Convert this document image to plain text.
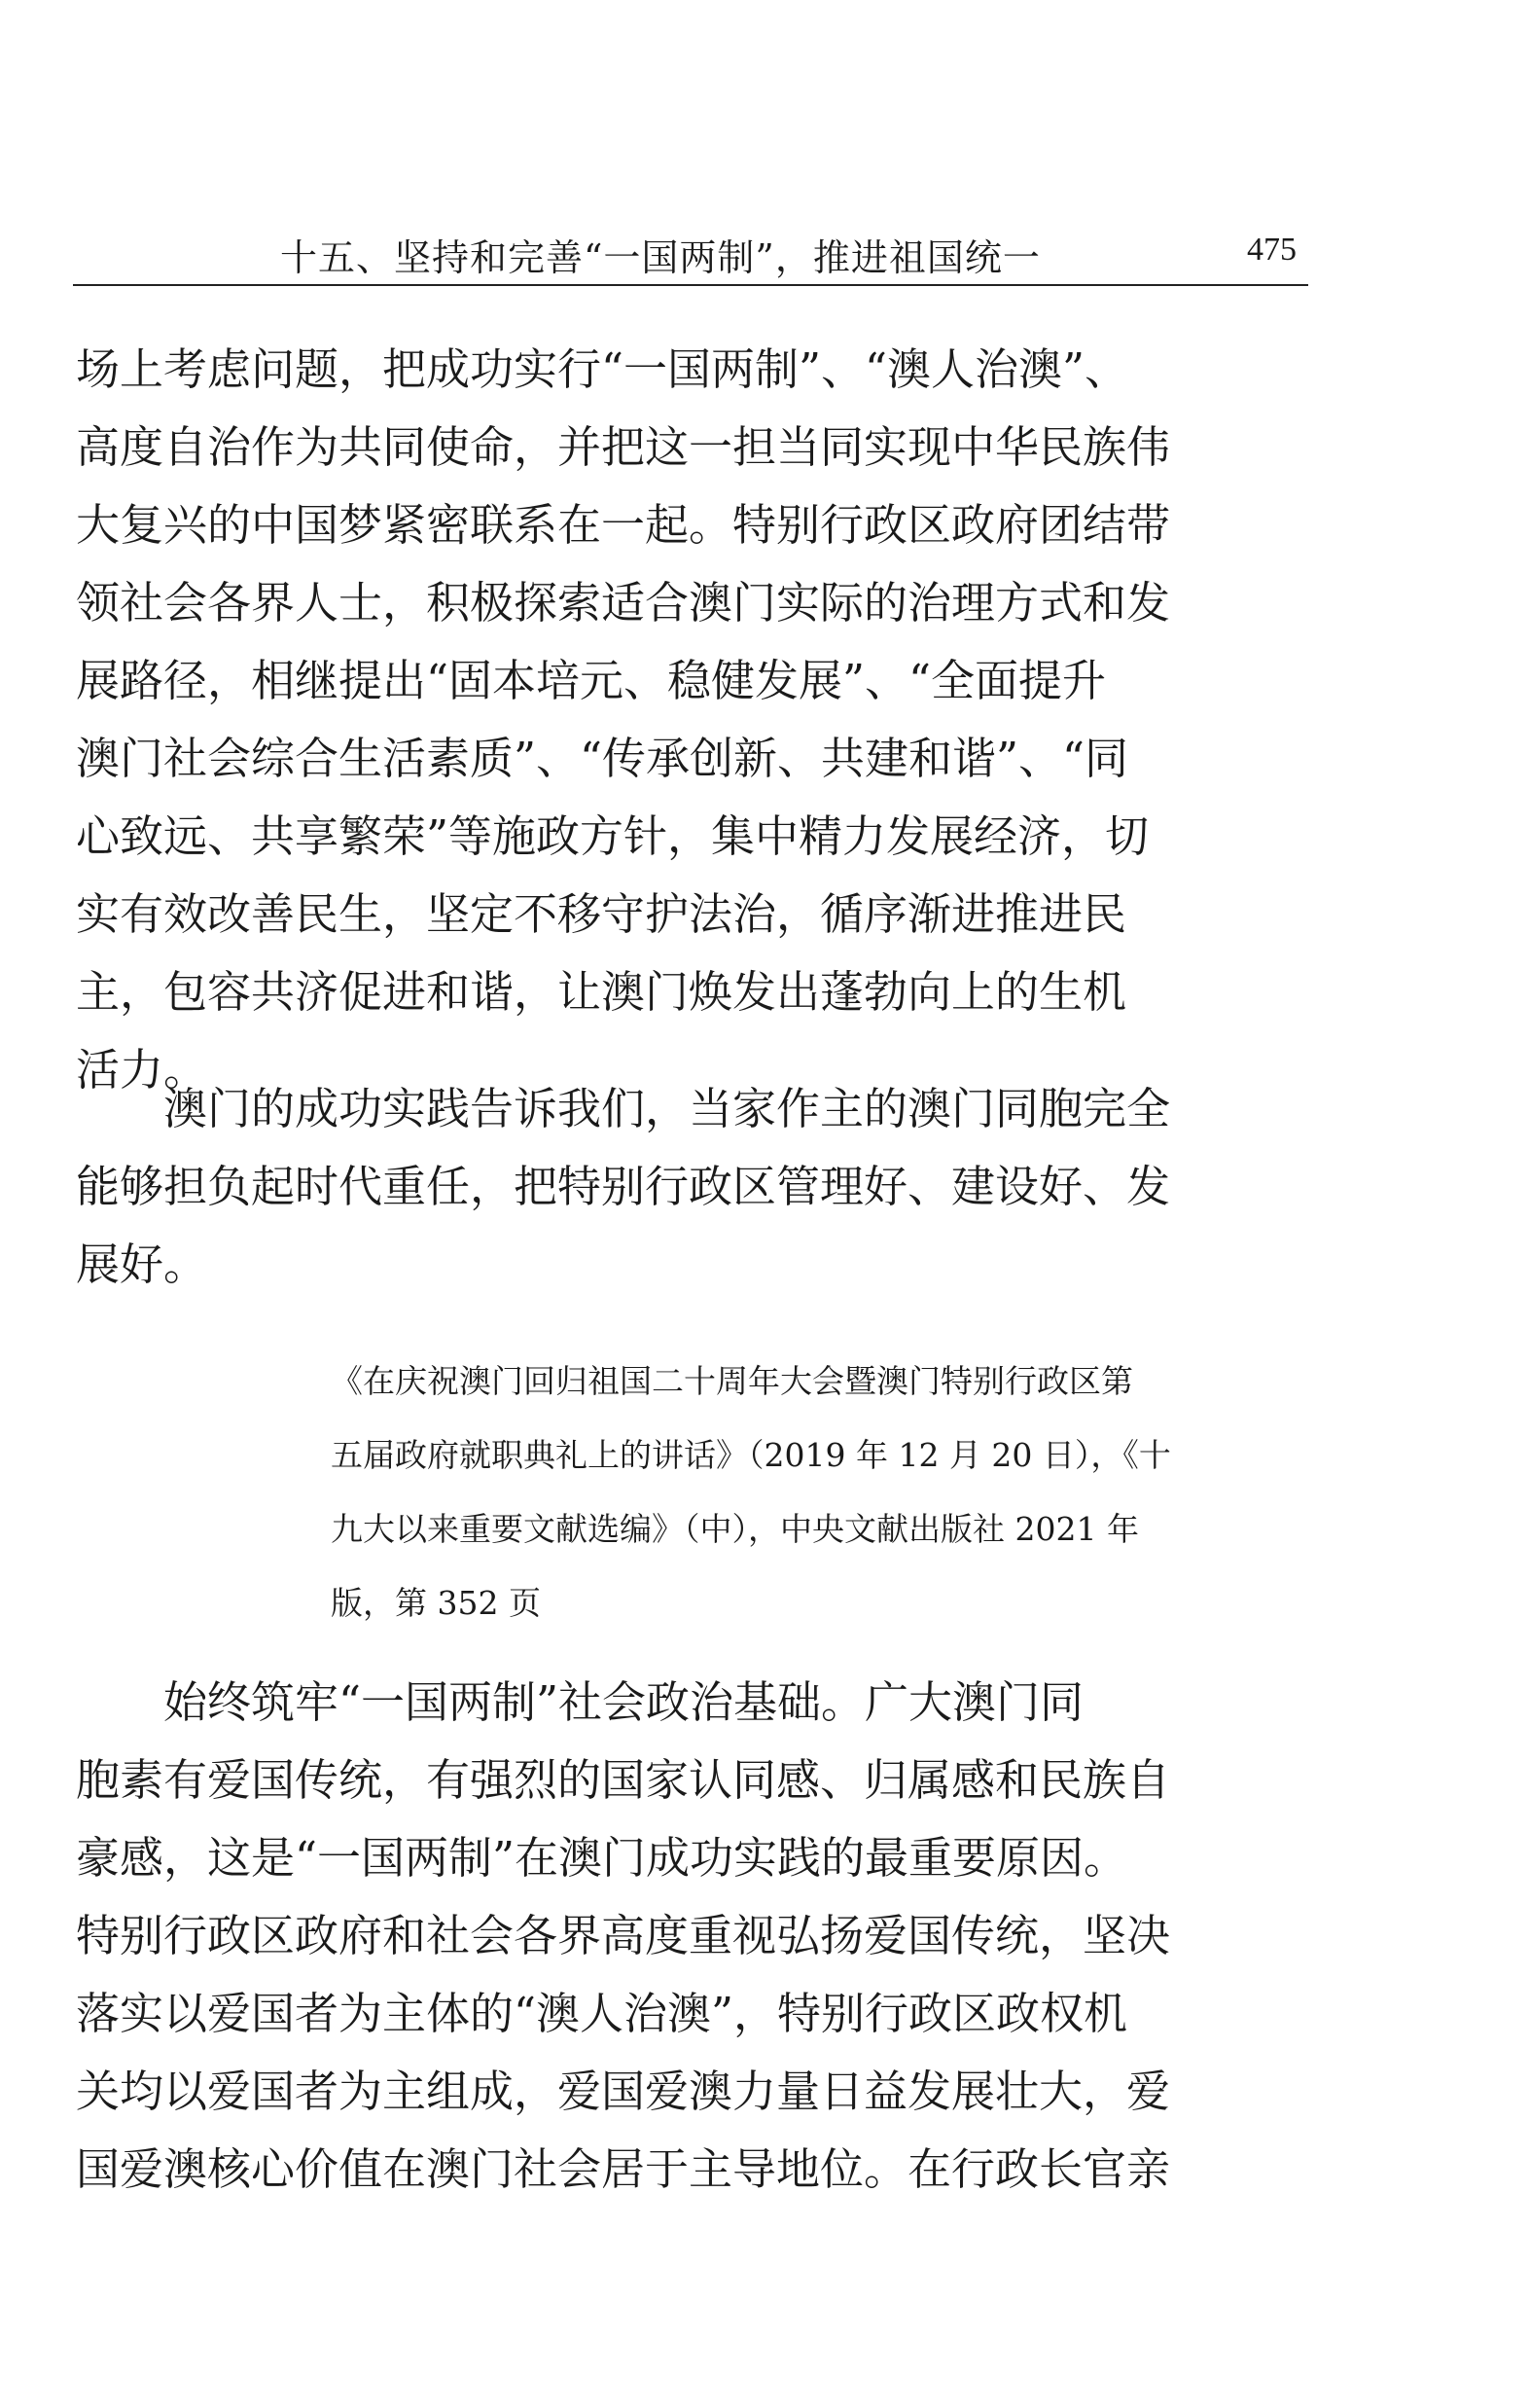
十五、坚持和完善“一国两制”，推进祖国统一	475
场上考虑问题，把成功实行“一国两制”、“澳人治澳”、
高度自治作为共同使命，并把这一担当同实现中华民族伟
大复兴的中国梦紧密联系在一起。特别行政区政府团结带
领社会各界人士，积极探索适合澳门实际的治理方式和发
展路径，相继提出“固本培元、稳健发展”、“全面提升
澳门社会综合生活素质”、“传承创新、共建和谐”、“同
心致远、共享繁荣”等施政方针，集中精力发展经济，切
实有效改善民生，坚定不移守护法治，循序渐进推进民
主，包容共济促进和谐，让澳门焕发出蓬勃向上的生机
活力。
　　澳门的成功实践告诉我们，当家作主的澳门同胞完全
能够担负起时代重任，把特别行政区管理好、建设好、发
展好。
《在庆祝澳门回归祖国二十周年大会暨澳门特别行政区第
五届政府就职典礼上的讲话》（2019 年 12 月 20 日），《十
九大以来重要文献选编》（中），中央文献出版社 2021 年
版，第 352 页
　　始终筑牢“一国两制”社会政治基础。广大澳门同
胞素有爱国传统，有强烈的国家认同感、归属感和民族自
豪感，这是“一国两制”在澳门成功实践的最重要原因。
特别行政区政府和社会各界高度重视弘扬爱国传统，坚决
落实以爱国者为主体的“澳人治澳”，特别行政区政权机
关均以爱国者为主组成，爱国爱澳力量日益发展壮大，爱
国爱澳核心价值在澳门社会居于主导地位。在行政长官亲
